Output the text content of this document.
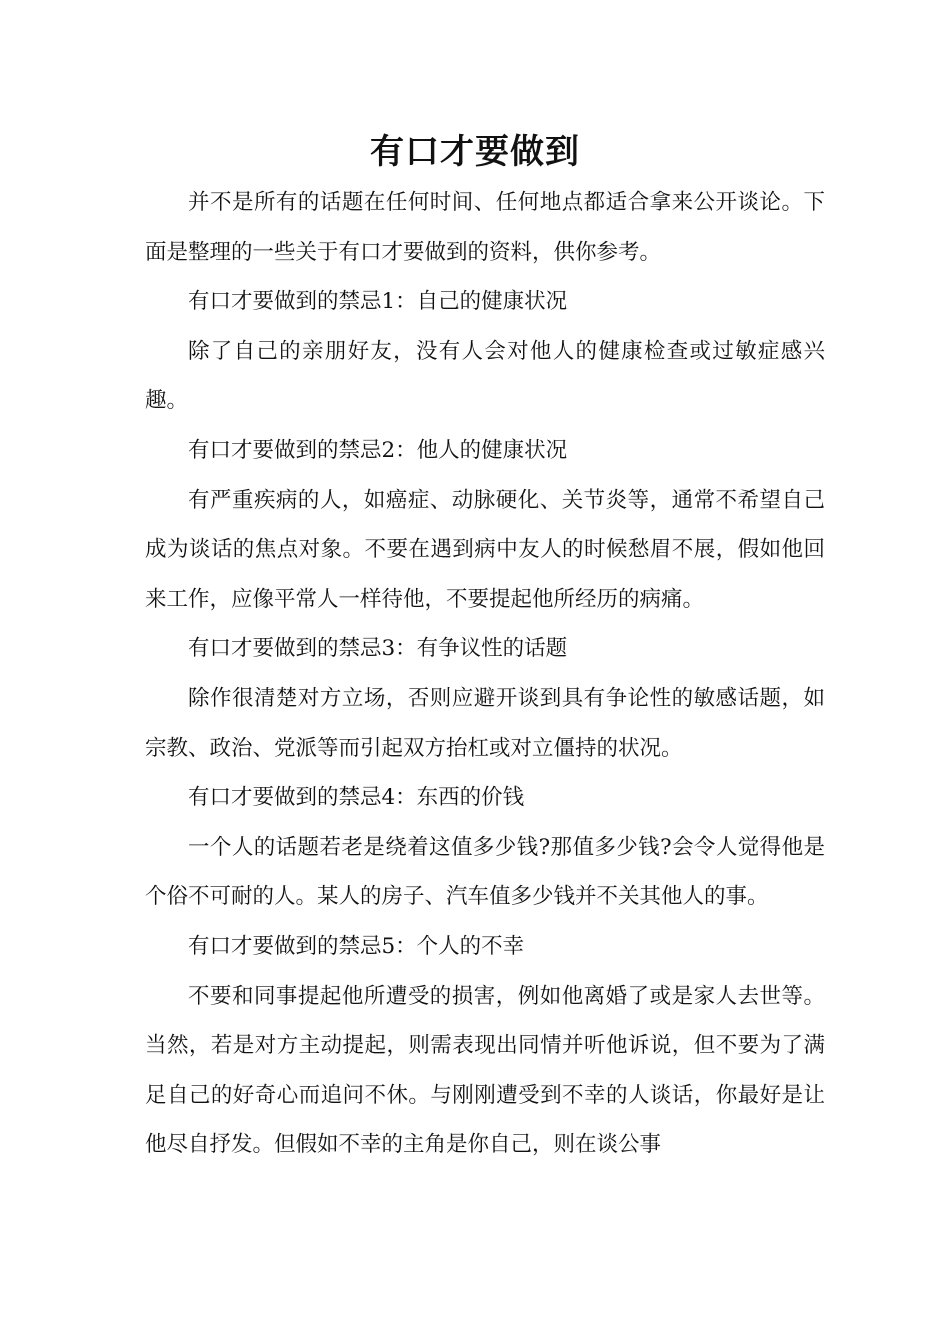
有口才要做到

并不是所有的话题在任何时间、任何地点都适合拿来公开谈论。下面是整理的一些关于有口才要做到的资料，供你参考。

有口才要做到的禁忌1：自己的健康状况

除了自己的亲朋好友，没有人会对他人的健康检查或过敏症感兴趣。

有口才要做到的禁忌2：他人的健康状况

有严重疾病的人，如癌症、动脉硬化、关节炎等，通常不希望自己成为谈话的焦点对象。不要在遇到病中友人的时候愁眉不展，假如他回来工作，应像平常人一样待他，不要提起他所经历的病痛。

有口才要做到的禁忌3：有争议性的话题

除作很清楚对方立场，否则应避开谈到具有争论性的敏感话题，如宗教、政治、党派等而引起双方抬杠或对立僵持的状况。

有口才要做到的禁忌4：东西的价钱

一个人的话题若老是绕着这值多少钱?那值多少钱?会令人觉得他是个俗不可耐的人。某人的房子、汽车值多少钱并不关其他人的事。

有口才要做到的禁忌5：个人的不幸

不要和同事提起他所遭受的损害，例如他离婚了或是家人去世等。当然，若是对方主动提起，则需表现出同情并听他诉说，但不要为了满足自己的好奇心而追问不休。与刚刚遭受到不幸的人谈话，你最好是让他尽自抒发。但假如不幸的主角是你自己，则在谈公事
